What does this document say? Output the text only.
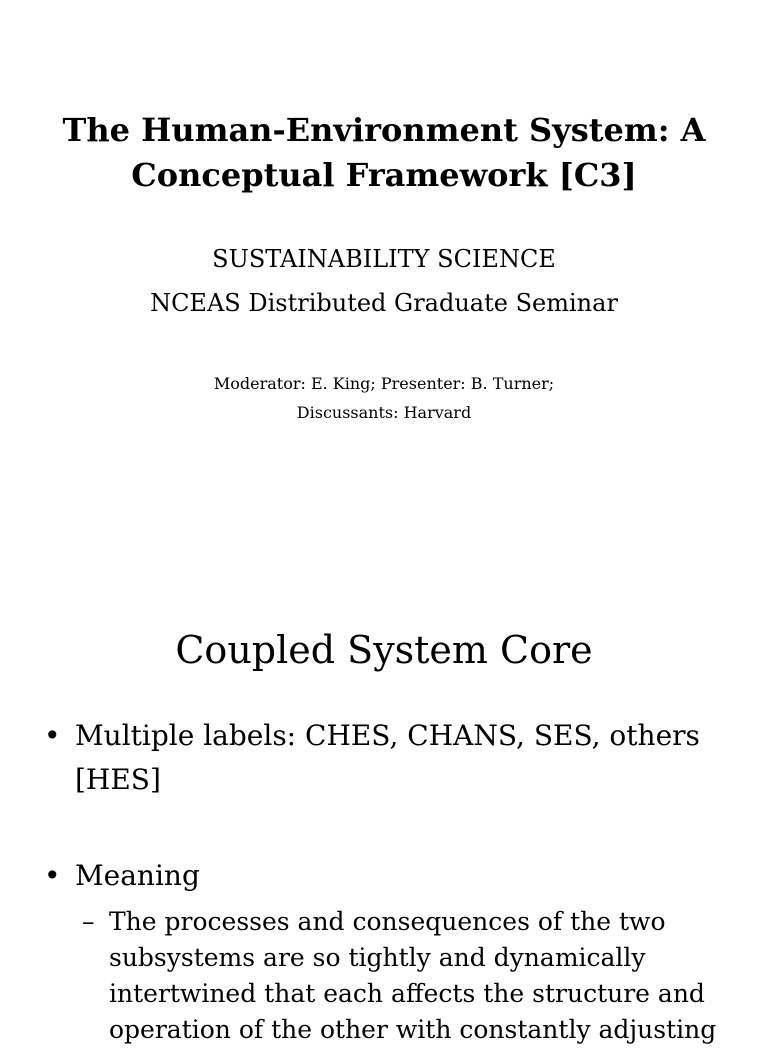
The Human-Environment System: A Conceptual Framework [C3]
SUSTAINABILITY SCIENCE
NCEAS Distributed Graduate Seminar
Moderator: E. King; Presenter: B. Turner;
Discussants: Harvard
Coupled System Core
• Multiple labels: CHES, CHANS, SES, others [HES]
• Meaning
– The processes and consequences of the two subsystems are so tightly and dynamically intertwined that each affects the structure and operation of the other with constantly adjusting
